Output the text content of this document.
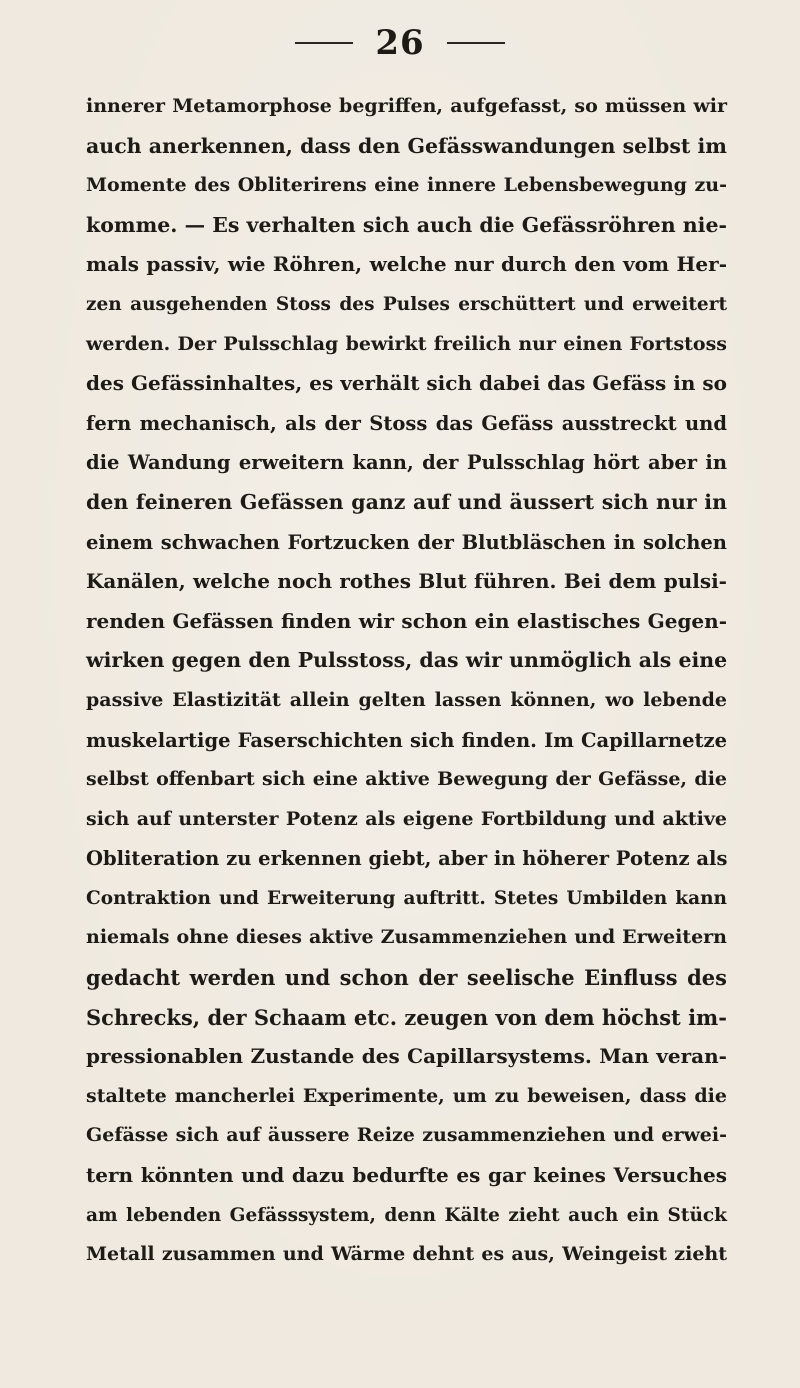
26
innerer Metamorphose begriffen, aufgefasst, so müssen wir
auch anerkennen, dass den Gefässwandungen selbst im
Momente des Obliterirens eine innere Lebensbewegung zu-
komme. — Es verhalten sich auch die Gefässröhren nie-
mals passiv, wie Röhren, welche nur durch den vom Her-
zen ausgehenden Stoss des Pulses erschüttert und erweitert
werden. Der Pulsschlag bewirkt freilich nur einen Fortstoss
des Gefässinhaltes, es verhält sich dabei das Gefäss in so
fern mechanisch, als der Stoss das Gefäss ausstreckt und
die Wandung erweitern kann, der Pulsschlag hört aber in
den feineren Gefässen ganz auf und äussert sich nur in
einem schwachen Fortzucken der Blutbläschen in solchen
Kanälen, welche noch rothes Blut führen. Bei dem pulsi-
renden Gefässen finden wir schon ein elastisches Gegen-
wirken gegen den Pulsstoss, das wir unmöglich als eine
passive Elastizität allein gelten lassen können, wo lebende
muskelartige Faserschichten sich finden. Im Capillarnetze
selbst offenbart sich eine aktive Bewegung der Gefässe, die
sich auf unterster Potenz als eigene Fortbildung und aktive
Obliteration zu erkennen giebt, aber in höherer Potenz als
Contraktion und Erweiterung auftritt. Stetes Umbilden kann
niemals ohne dieses aktive Zusammenziehen und Erweitern
gedacht werden und schon der seelische Einfluss des
Schrecks, der Schaam etc. zeugen von dem höchst im-
pressionablen Zustande des Capillarsystems. Man veran-
staltete mancherlei Experimente, um zu beweisen, dass die
Gefässe sich auf äussere Reize zusammenziehen und erwei-
tern könnten und dazu bedurfte es gar keines Versuches
am lebenden Gefässsystem, denn Kälte zieht auch ein Stück
Metall zusammen und Wärme dehnt es aus, Weingeist zieht
